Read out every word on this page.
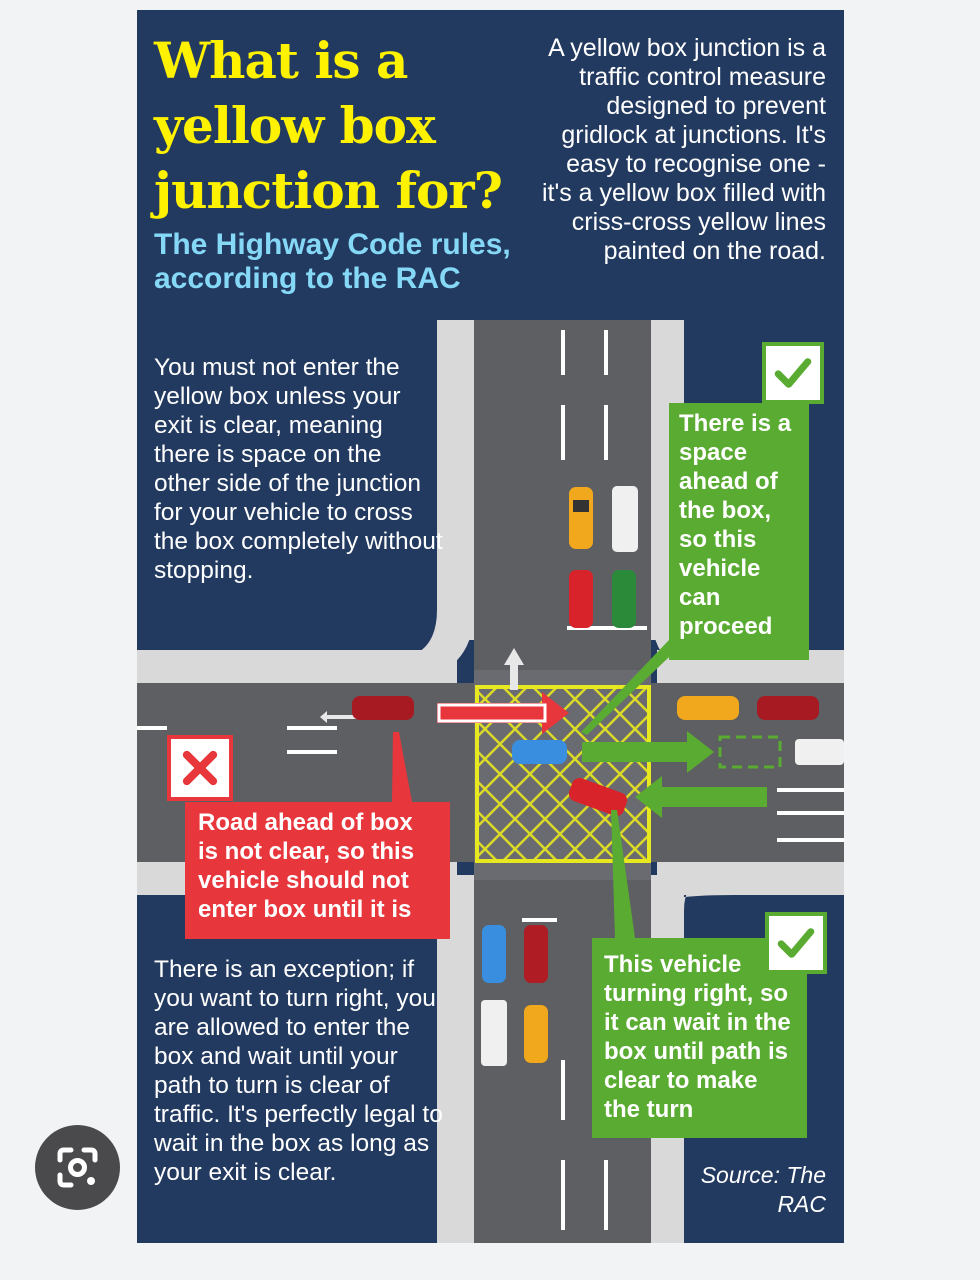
What is a yellow box junction for?

The Highway Code rules, according to the RAC

A yellow box junction is a traffic control measure designed to prevent gridlock at junctions. It's easy to recognise one - it's a yellow box filled with criss-cross yellow lines painted on the road.

You must not enter the yellow box unless your exit is clear, meaning there is space on the other side of the junction for your vehicle to cross the box completely without stopping.

There is an exception; if you want to turn right, you are allowed to enter the box and wait until your path to turn is clear of traffic. It's perfectly legal to wait in the box as long as your exit is clear.

There is a space ahead of the box, so this vehicle can proceed
Road ahead of box is not clear, so this vehicle should not enter box until it is
This vehicle turning right, so it can wait in the box until path is clear to make the turn
Source: The RAC
